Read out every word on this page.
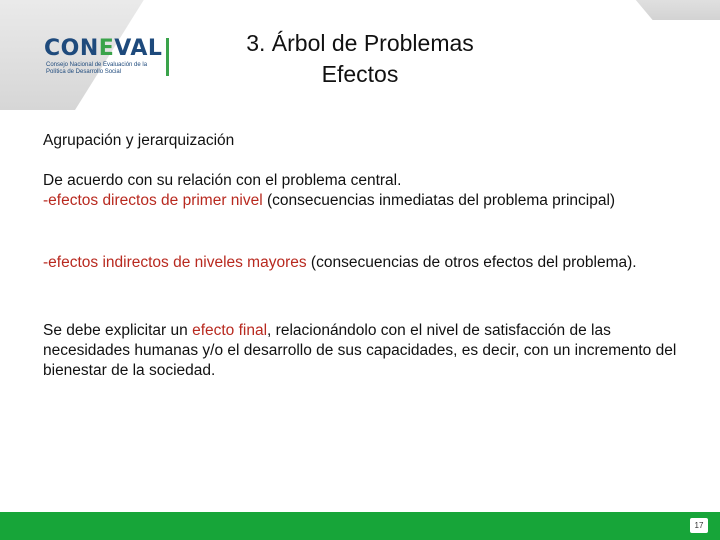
CONEVAL
Consejo Nacional de Evaluación de la Política de Desarrollo Social
3. Árbol de Problemas
Efectos

Agrupación y jerarquización

De acuerdo con su relación con el problema central.
-efectos directos de primer nivel (consecuencias inmediatas del problema principal)

-efectos indirectos de niveles mayores (consecuencias de otros efectos del problema).

Se debe explicitar un efecto final, relacionándolo con el nivel de satisfacción de las necesidades humanas y/o el desarrollo de sus capacidades, es decir, con un incremento del bienestar de la sociedad.

17
